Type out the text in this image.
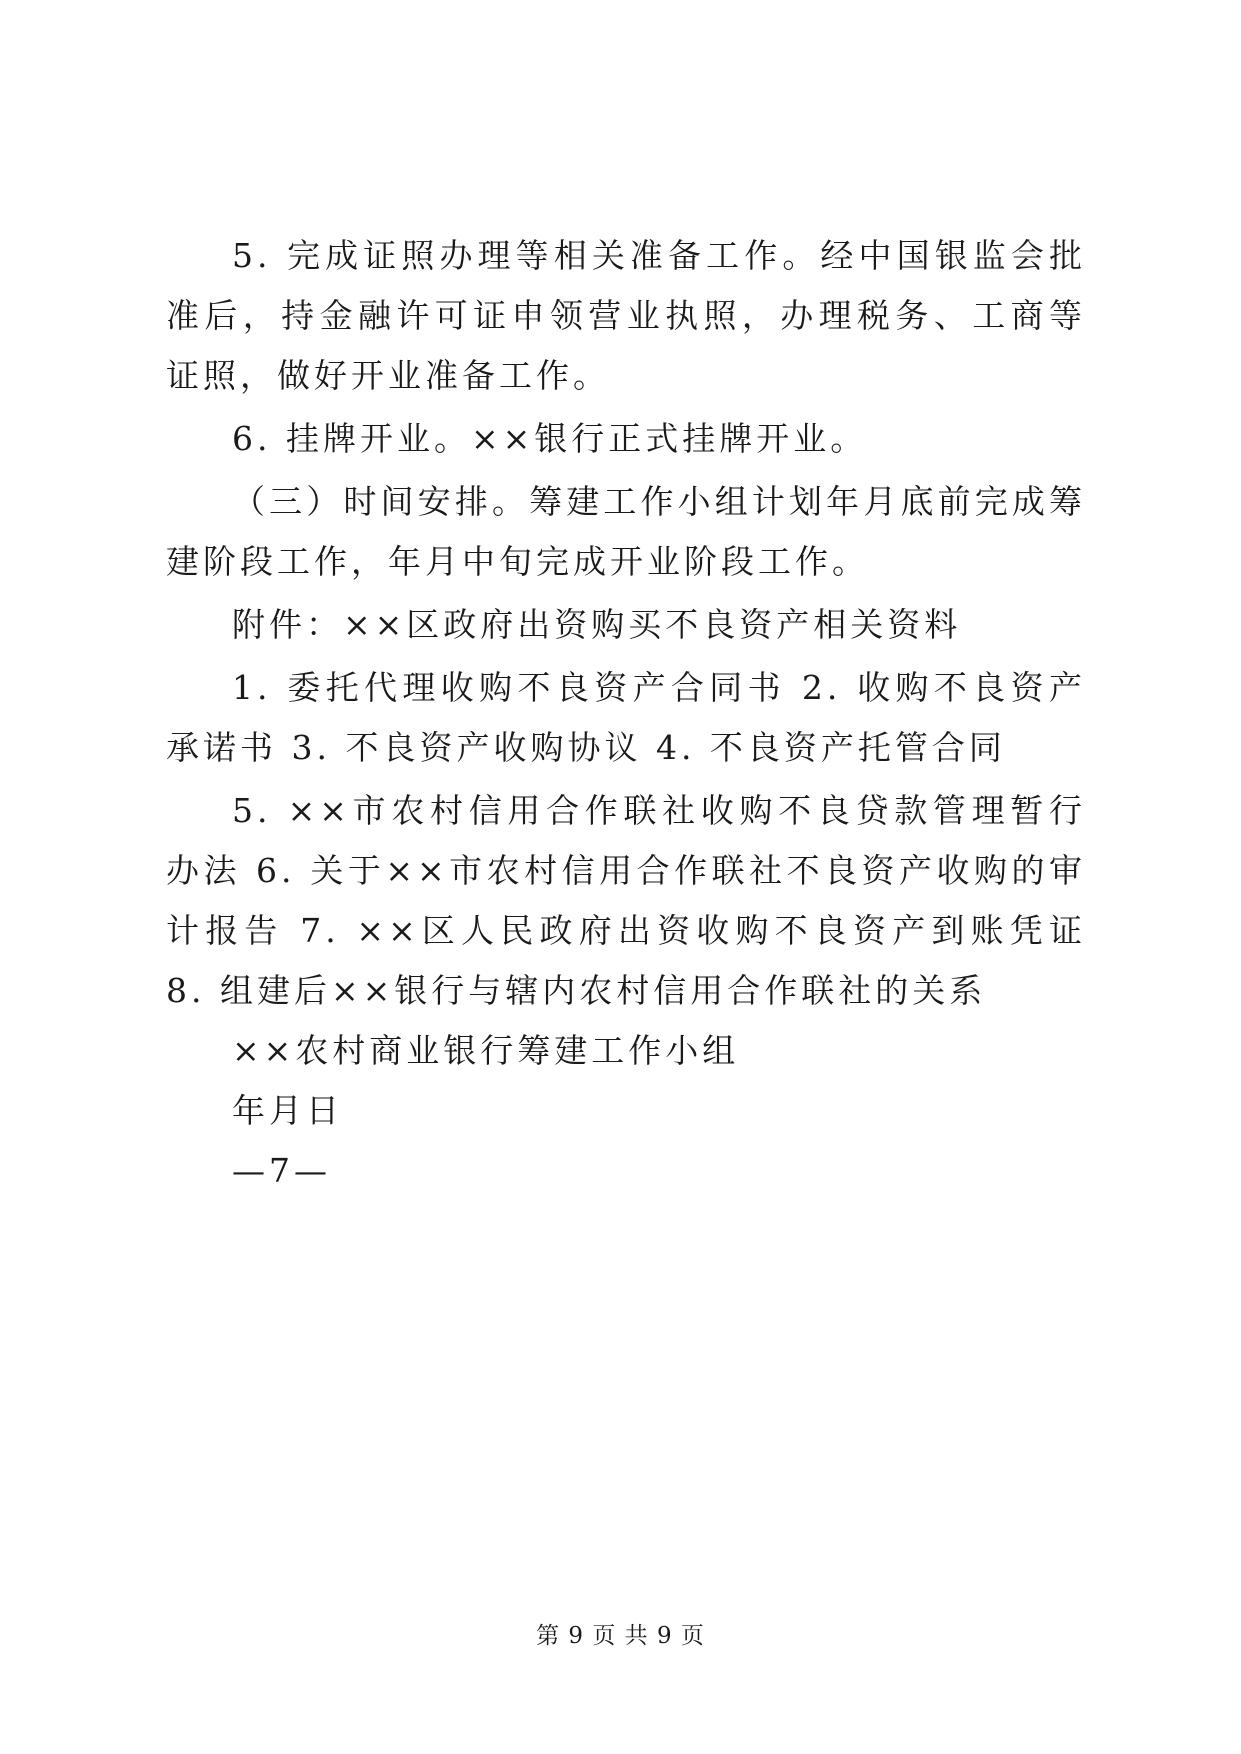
5. 完成证照办理等相关准备工作。经中国银监会批准后，持金融许可证申领营业执照，办理税务、工商等证照，做好开业准备工作。

6. 挂牌开业。××银行正式挂牌开业。

（三）时间安排。筹建工作小组计划年月底前完成筹建阶段工作，年月中旬完成开业阶段工作。

附件：××区政府出资购买不良资产相关资料

1. 委托代理收购不良资产合同书 2. 收购不良资产承诺书 3. 不良资产收购协议 4. 不良资产托管合同

5. ××市农村信用合作联社收购不良贷款管理暂行办法 6. 关于××市农村信用合作联社不良资产收购的审计报告 7. ××区人民政府出资收购不良资产到账凭证 8. 组建后××银行与辖内农村信用合作联社的关系

××农村商业银行筹建工作小组

年月日

—7—

第 9 页 共 9 页
